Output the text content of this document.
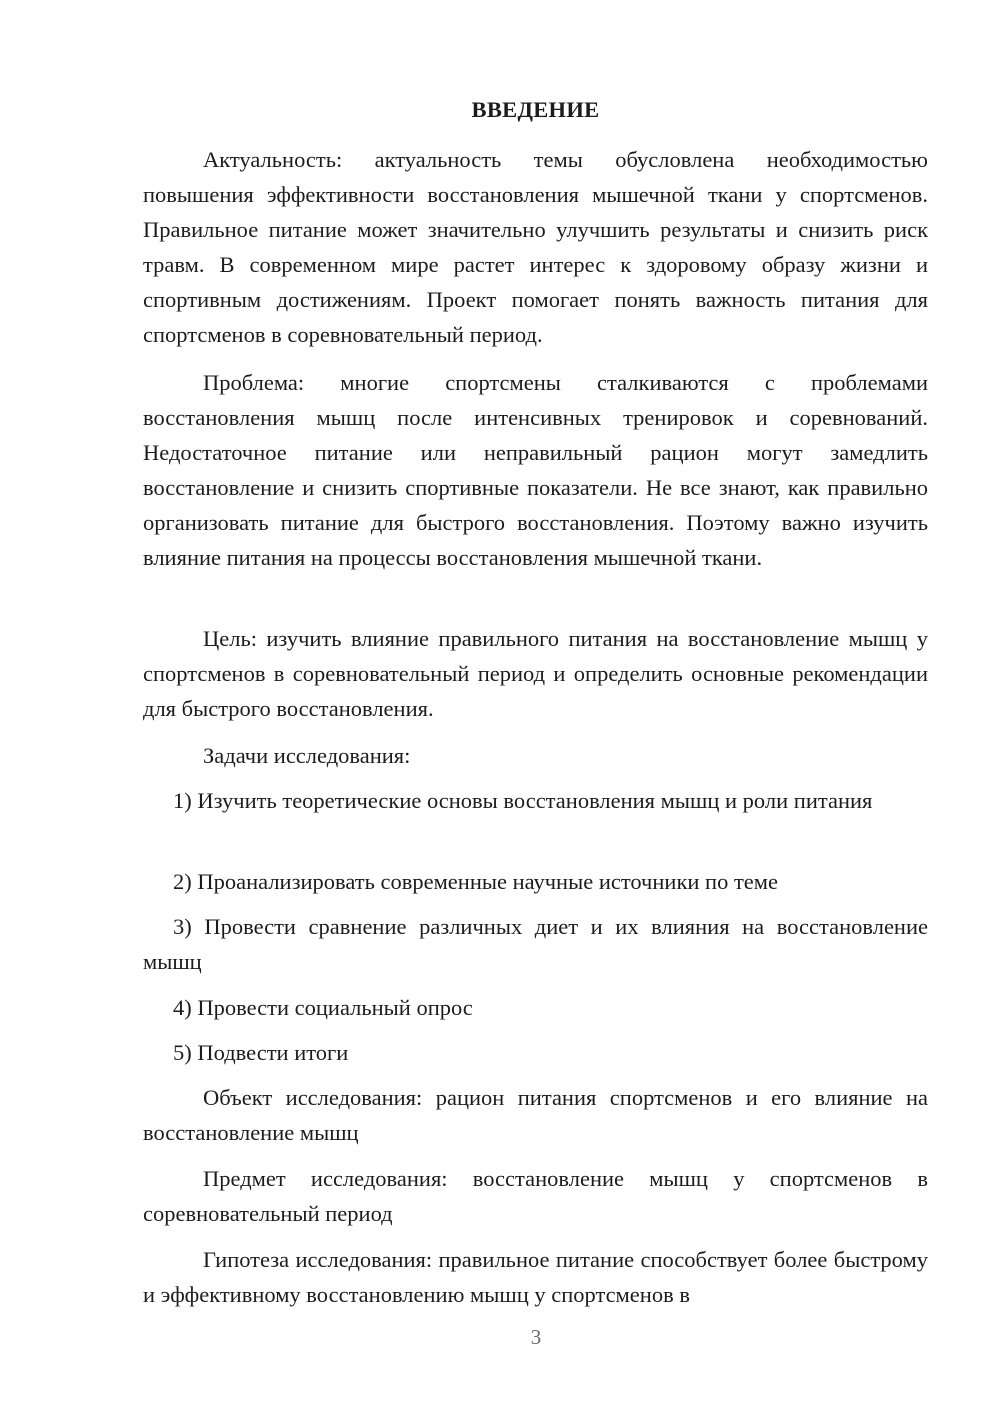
ВВЕДЕНИЕ

Актуальность: актуальность темы обусловлена необходимостью повышения эффективности восстановления мышечной ткани у спортсменов. Правильное питание может значительно улучшить результаты и снизить риск травм. В современном мире растет интерес к здоровому образу жизни и спортивным достижениям. Проект помогает понять важность питания для спортсменов в соревновательный период.

Проблема: многие спортсмены сталкиваются с проблемами восстановления мышц после интенсивных тренировок и соревнований. Недостаточное питание или неправильный рацион могут замедлить восстановление и снизить спортивные показатели. Не все знают, как правильно организовать питание для быстрого восстановления. Поэтому важно изучить влияние питания на процессы восстановления мышечной ткани.

Цель: изучить влияние правильного питания на восстановление мышц у спортсменов в соревновательный период и определить основные рекомендации для быстрого восстановления.

Задачи исследования:

1) Изучить теоретические основы восстановления мышц и роли питания

2) Проанализировать современные научные источники по теме

3) Провести сравнение различных диет и их влияния на восстановление мышц

4) Провести социальный опрос

5) Подвести итоги

Объект исследования: рацион питания спортсменов и его влияние на восстановление мышц

Предмет исследования: восстановление мышц у спортсменов в соревновательный период

Гипотеза исследования: правильное питание способствует более быстрому и эффективному восстановлению мышц у спортсменов в

3
